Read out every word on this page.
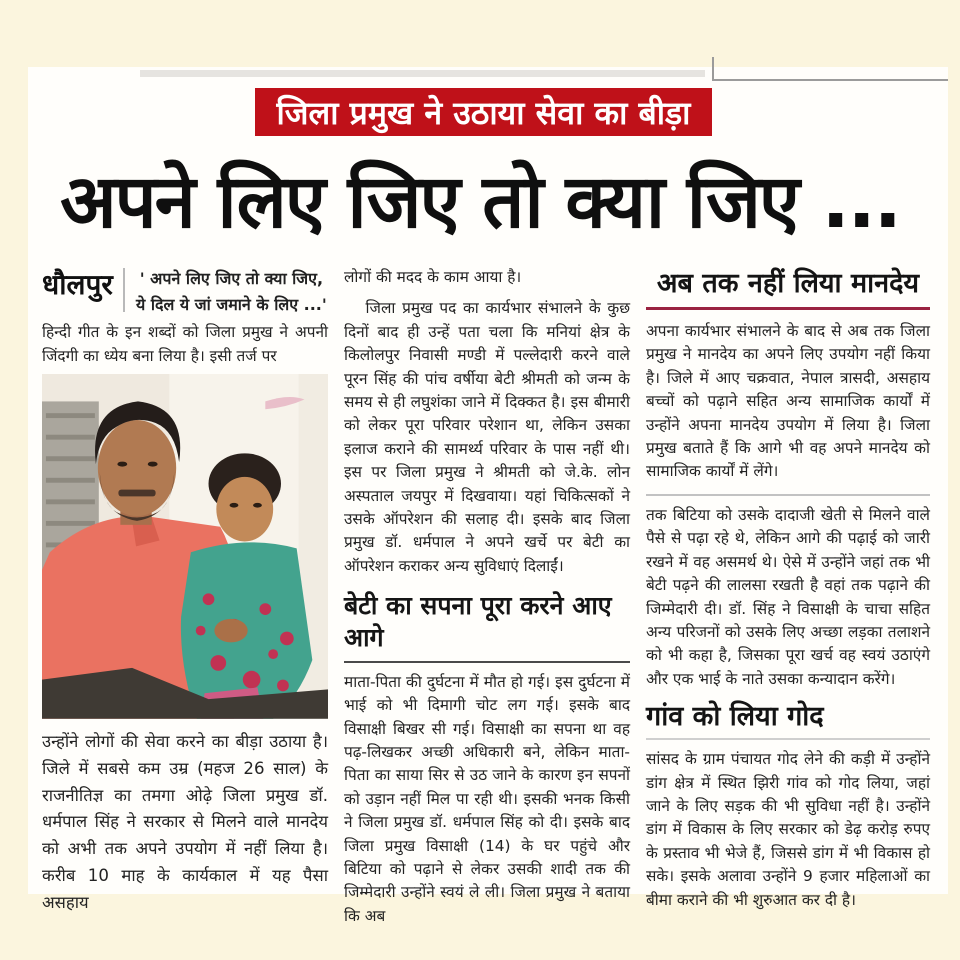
जिला प्रमुख ने उठाया सेवा का बीड़ा
अपने लिए जिए तो क्या जिए ...
धौलपुर	' अपने लिए जिए तो क्या जिए,
ये दिल ये जां जमाने के लिए ...'
हिन्दी गीत के इन शब्दों को जिला प्रमुख ने अपनी जिंदगी का ध्येय बना लिया है। इसी तर्ज पर
उन्होंने लोगों की सेवा करने का बीड़ा उठाया है। जिले में सबसे कम उम्र (महज 26 साल) के राजनीतिज्ञ का तमगा ओढ़े जिला प्रमुख डॉ. धर्मपाल सिंह ने सरकार से मिलने वाले मानदेय को अभी तक अपने उपयोग में नहीं लिया है। करीब 10 माह के कार्यकाल में यह पैसा असहाय
लोगों की मदद के काम आया है।
जिला प्रमुख पद का कार्यभार संभालने के कुछ दिनों बाद ही उन्हें पता चला कि मनियां क्षेत्र के किलोलपुर निवासी मण्डी में पल्लेदारी करने वाले पूरन सिंह की पांच वर्षीया बेटी श्रीमती को जन्म के समय से ही लघुशंका जाने में दिक्कत है। इस बीमारी को लेकर पूरा परिवार परेशान था, लेकिन उसका इलाज कराने की सामर्थ्य परिवार के पास नहीं थी। इस पर जिला प्रमुख ने श्रीमती को जे.के. लोन अस्पताल जयपुर में दिखवाया। यहां चिकित्सकों ने उसके ऑपरेशन की सलाह दी। इसके बाद जिला प्रमुख डॉ. धर्मपाल ने अपने खर्चे पर बेटी का ऑपरेशन कराकर अन्य सुविधाएं दिलाईं।
बेटी का सपना पूरा करने आए आगे
माता-पिता की दुर्घटना में मौत हो गई। इस दुर्घटना में भाई को भी दिमागी चोट लग गई। इसके बाद विसाक्षी बिखर सी गई। विसाक्षी का सपना था वह पढ़-लिखकर अच्छी अधिकारी बने, लेकिन माता-पिता का साया सिर से उठ जाने के कारण इन सपनों को उड़ान नहीं मिल पा रही थी। इसकी भनक किसी ने जिला प्रमुख डॉ. धर्मपाल सिंह को दी। इसके बाद जिला प्रमुख विसाक्षी (14) के घर पहुंचे और बिटिया को पढ़ाने से लेकर उसकी शादी तक की जिम्मेदारी उन्होंने स्वयं ले ली। जिला प्रमुख ने बताया कि अब
अब तक नहीं लिया मानदेय
अपना कार्यभार संभालने के बाद से अब तक जिला प्रमुख ने मानदेय का अपने लिए उपयोग नहीं किया है। जिले में आए चक्रवात, नेपाल त्रासदी, असहाय बच्चों को पढ़ाने सहित अन्य सामाजिक कार्यों में उन्होंने अपना मानदेय उपयोग में लिया है। जिला प्रमुख बताते हैं कि आगे भी वह अपने मानदेय को सामाजिक कार्यों में लेंगे।
तक बिटिया को उसके दादाजी खेती से मिलने वाले पैसे से पढ़ा रहे थे, लेकिन आगे की पढ़ाई को जारी रखने में वह असमर्थ थे। ऐसे में उन्होंने जहां तक भी बेटी पढ़ने की लालसा रखती है वहां तक पढ़ाने की जिम्मेदारी दी। डॉ. सिंह ने विसाक्षी के चाचा सहित अन्य परिजनों को उसके लिए अच्छा लड़का तलाशने को भी कहा है, जिसका पूरा खर्च वह स्वयं उठाएंगे और एक भाई के नाते उसका कन्यादान करेंगे।
गांव को लिया गोद
सांसद के ग्राम पंचायत गोद लेने की कड़ी में उन्होंने डांग क्षेत्र में स्थित झिरी गांव को गोद लिया, जहां जाने के लिए सड़क की भी सुविधा नहीं है। उन्होंने डांग में विकास के लिए सरकार को डेढ़ करोड़ रुपए के प्रस्ताव भी भेजे हैं, जिससे डांग में भी विकास हो सके। इसके अलावा उन्होंने 9 हजार महिलाओं का बीमा कराने की भी शुरुआत कर दी है।
